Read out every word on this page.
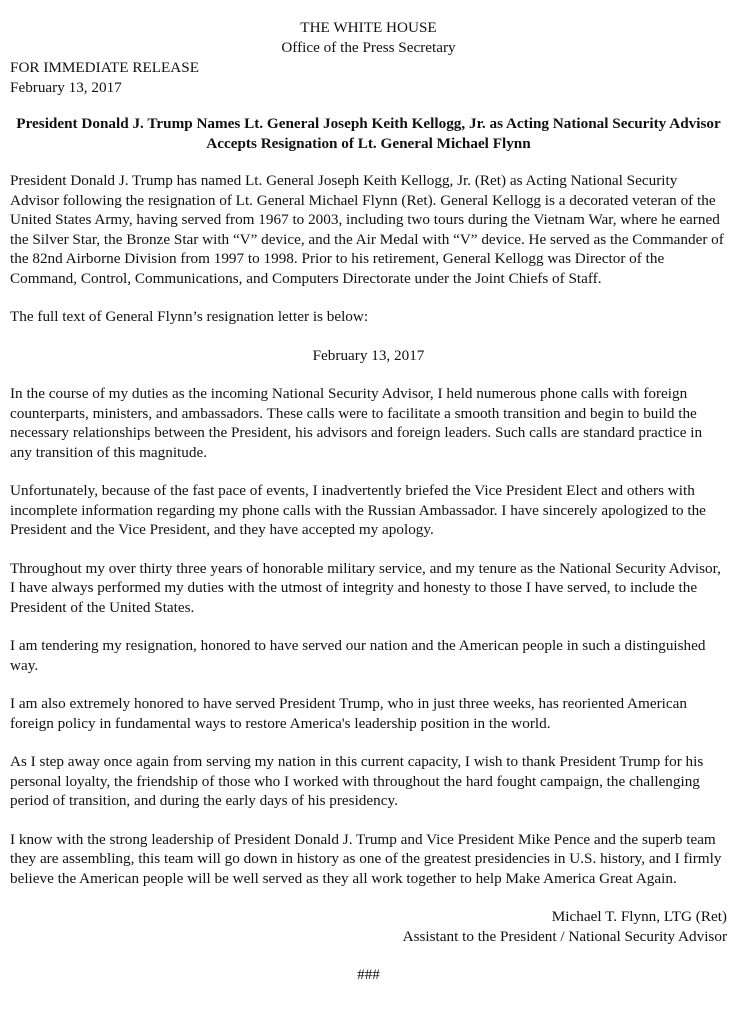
THE WHITE HOUSE
Office of the Press Secretary
FOR IMMEDIATE RELEASE
February 13, 2017
President Donald J. Trump Names Lt. General Joseph Keith Kellogg, Jr. as Acting National Security Advisor
Accepts Resignation of Lt. General Michael Flynn

President Donald J. Trump has named Lt. General Joseph Keith Kellogg, Jr. (Ret) as Acting National Security Advisor following the resignation of Lt. General Michael Flynn (Ret). General Kellogg is a decorated veteran of the United States Army, having served from 1967 to 2003, including two tours during the Vietnam War, where he earned the Silver Star, the Bronze Star with “V” device, and the Air Medal with “V” device. He served as the Commander of the 82nd Airborne Division from 1997 to 1998. Prior to his retirement, General Kellogg was Director of the Command, Control, Communications, and Computers Directorate under the Joint Chiefs of Staff.

The full text of General Flynn’s resignation letter is below:

February 13, 2017

In the course of my duties as the incoming National Security Advisor, I held numerous phone calls with foreign counterparts, ministers, and ambassadors. These calls were to facilitate a smooth transition and begin to build the necessary relationships between the President, his advisors and foreign leaders. Such calls are standard practice in any transition of this magnitude.

Unfortunately, because of the fast pace of events, I inadvertently briefed the Vice President Elect and others with incomplete information regarding my phone calls with the Russian Ambassador. I have sincerely apologized to the President and the Vice President, and they have accepted my apology.

Throughout my over thirty three years of honorable military service, and my tenure as the National Security Advisor, I have always performed my duties with the utmost of integrity and honesty to those I have served, to include the President of the United States.

I am tendering my resignation, honored to have served our nation and the American people in such a distinguished way.

I am also extremely honored to have served President Trump, who in just three weeks, has reoriented American foreign policy in fundamental ways to restore America's leadership position in the world.

As I step away once again from serving my nation in this current capacity, I wish to thank President Trump for his personal loyalty, the friendship of those who I worked with throughout the hard fought campaign, the challenging period of transition, and during the early days of his presidency.

I know with the strong leadership of President Donald J. Trump and Vice President Mike Pence and the superb team they are assembling, this team will go down in history as one of the greatest presidencies in U.S. history, and I firmly believe the American people will be well served as they all work together to help Make America Great Again.

Michael T. Flynn, LTG (Ret)
Assistant to the President / National Security Advisor
###
